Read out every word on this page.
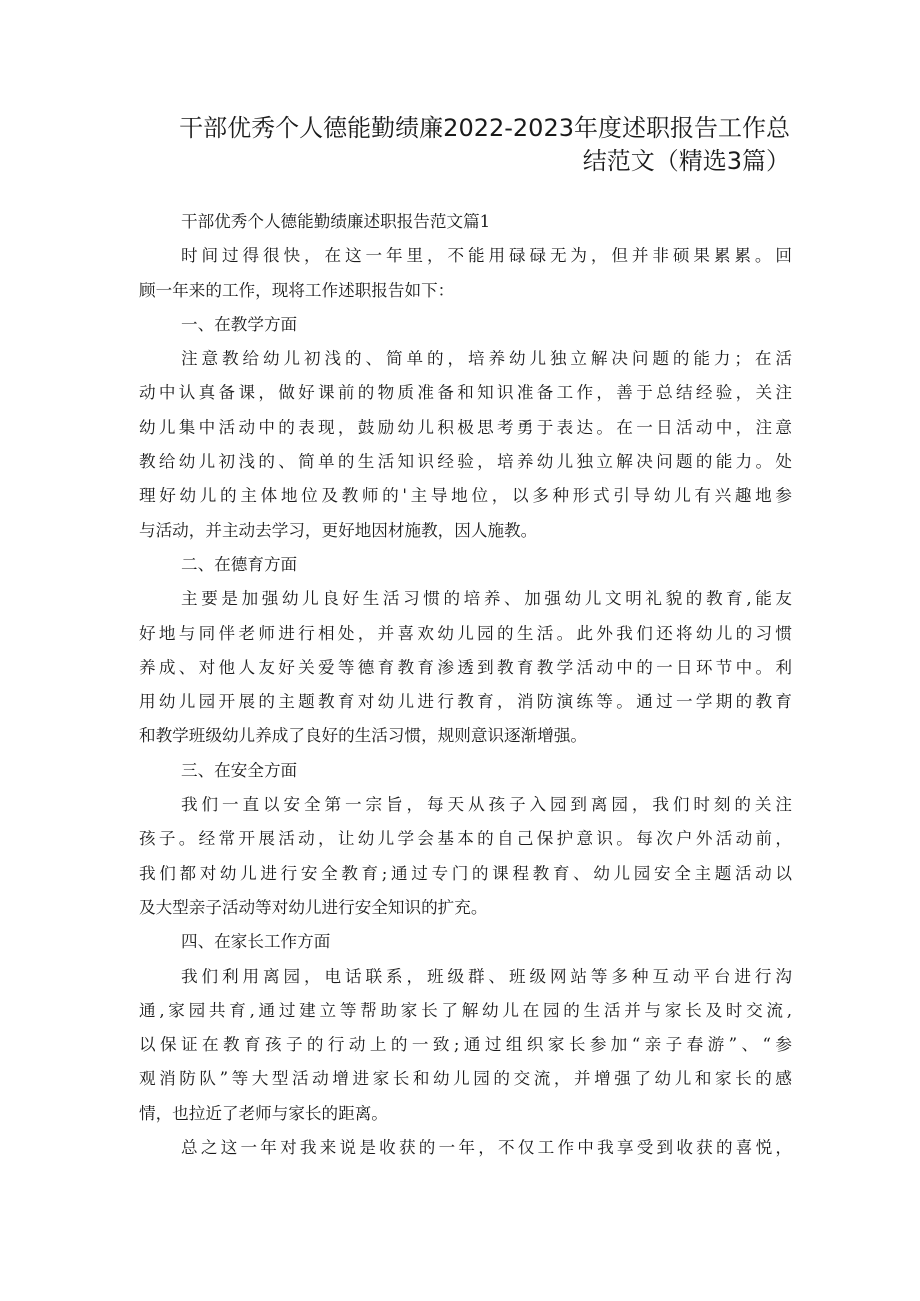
干部优秀个人德能勤绩廉2022-2023年度述职报告工作总
结范文（精选3篇）
干部优秀个人德能勤绩廉述职报告范文篇1
时间过得很快，在这一年里，不能用碌碌无为，但并非硕果累累。回
顾一年来的工作，现将工作述职报告如下：
一、在教学方面
注意教给幼儿初浅的、简单的，培养幼儿独立解决问题的能力；在活
动中认真备课，做好课前的物质准备和知识准备工作，善于总结经验，关注
幼儿集中活动中的表现，鼓励幼儿积极思考勇于表达。在一日活动中，注意
教给幼儿初浅的、简单的生活知识经验，培养幼儿独立解决问题的能力。处
理好幼儿的主体地位及教师的'主导地位，以多种形式引导幼儿有兴趣地参
与活动，并主动去学习，更好地因材施教，因人施教。
二、在德育方面
主要是加强幼儿良好生活习惯的培养、加强幼儿文明礼貌的教育,能友
好地与同伴老师进行相处，并喜欢幼儿园的生活。此外我们还将幼儿的习惯
养成、对他人友好关爱等德育教育渗透到教育教学活动中的一日环节中。利
用幼儿园开展的主题教育对幼儿进行教育，消防演练等。通过一学期的教育
和教学班级幼儿养成了良好的生活习惯，规则意识逐渐增强。
三、在安全方面
我们一直以安全第一宗旨，每天从孩子入园到离园，我们时刻的关注
孩子。经常开展活动，让幼儿学会基本的自己保护意识。每次户外活动前，
我们都对幼儿进行安全教育;通过专门的课程教育、幼儿园安全主题活动以
及大型亲子活动等对幼儿进行安全知识的扩充。
四、在家长工作方面
我们利用离园，电话联系，班级群、班级网站等多种互动平台进行沟
通,家园共育,通过建立等帮助家长了解幼儿在园的生活并与家长及时交流,
以保证在教育孩子的行动上的一致;通过组织家长参加“亲子春游”、“参
观消防队”等大型活动增进家长和幼儿园的交流，并增强了幼儿和家长的感
情，也拉近了老师与家长的距离。
总之这一年对我来说是收获的一年，不仅工作中我享受到收获的喜悦，
